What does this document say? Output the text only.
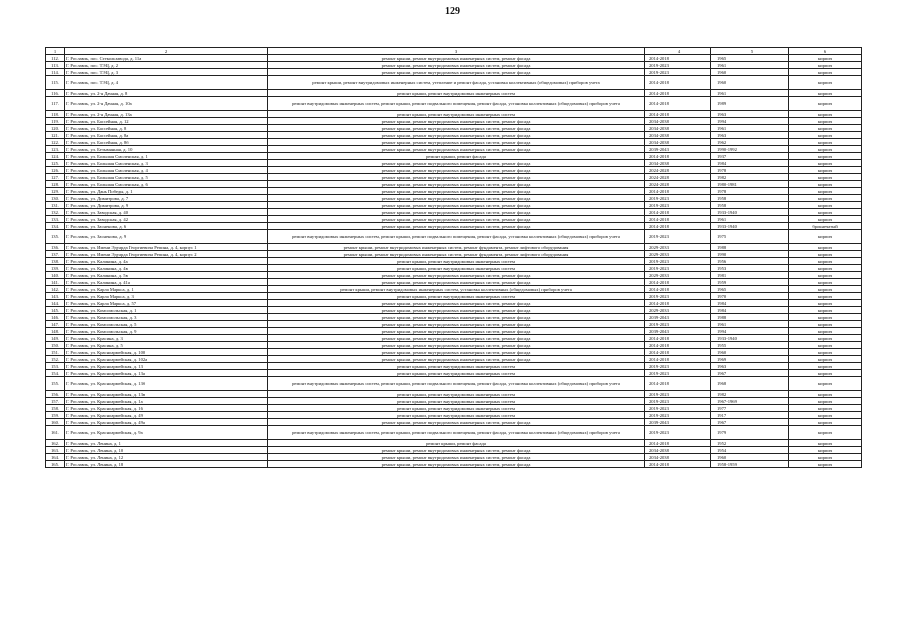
129
1	2	3	4	5	6
112.	Г. Рославль, пос. Стекользавода, д. 11а	ремонт крыши, ремонт внутридомовых инженерных систем, ремонт фасада	2014-2018	1965	кирпич
113.	Г. Рославль, пос. ТЭЦ, д. 2	ремонт крыши, ремонт внутридомовых инженерных систем, ремонт фасада	2019-2023	1961	кирпич
114.	Г. Рославль, пос. ТЭЦ, д. 3	ремонт крыши, ремонт внутридомовых инженерных систем, ремонт фасада	2019-2023	1960	кирпич
115.	Г. Рославль, пос. ТЭЦ, д. 4	ремонт крыши, ремонт внутридомовых инженерных систем, утепление и ремонт фасада, установка коллективных (общедомовых) приборов учета	2014-2018	1960	кирпич
116.	Г. Рославль, ул. 2-я Дачная, д. 8	ремонт крыши, ремонт внутридомовых инженерных систем	2014-2018	1961	кирпич
117.	Г. Рославль, ул. 2-я Дачная, д. 10а	ремонт внутридомовых инженерных систем, ремонт крыши, ремонт подвального помещения, ремонт фасада, установка коллективных (общедомовых) приборов учета	2014-2018	1989	кирпич
118.	Г. Рославль, ул. 2-я Дачная, д. 13а	ремонт крыши, ремонт внутридомовых инженерных систем	2014-2018	1963	кирпич
119.	Г. Рославль, ул. Бассейная, д. 12	ремонт крыши, ремонт внутридомовых инженерных систем, ремонт фасада	2034-2038	1994	кирпич
120.	Г. Рославль, ул. Бассейная, д. 8	ремонт крыши, ремонт внутридомовых инженерных систем, ремонт фасада	2034-2038	1961	кирпич
121.	Г. Рославль, ул. Бассейная, д. 8а	ремонт крыши, ремонт внутридомовых инженерных систем, ремонт фасада	2034-2038	1963	кирпич
122.	Г. Рославль, ул. Бассейная, д. 8б	ремонт крыши, ремонт внутридомовых инженерных систем, ремонт фасада	2034-2038	1962	кирпич
123.	Г. Рославль, ул. Безымянная, д. 10	ремонт крыши, ремонт внутридомовых инженерных систем, ремонт фасада	2039-2043	1990-1992	кирпич
124.	Г. Рославль, ул. Большая Смоленская, д. 1	ремонт крыши, ремонт фасада	2014-2018	1937	кирпич
125.	Г. Рославль, ул. Большая Смоленская, д. 3	ремонт крыши, ремонт внутридомовых инженерных систем, ремонт фасада	2034-2038	1984	кирпич
126.	Г. Рославль, ул. Большая Смоленская, д. 4	ремонт крыши, ремонт внутридомовых инженерных систем, ремонт фасада	2024-2028	1978	кирпич
127.	Г. Рославль, ул. Большая Смоленская, д. 5	ремонт крыши, ремонт внутридомовых инженерных систем, ремонт фасада	2024-2028	1982	кирпич
128.	Г. Рославль, ул. Большая Смоленская, д. 6	ремонт крыши, ремонт внутридомовых инженерных систем, ремонт фасада	2024-2028	1980-1981	кирпич
129.	Г. Рославль, ул. Дань Победы, д. 1	ремонт крыши, ремонт внутридомовых инженерных систем, ремонт фасада	2014-2018	1978	кирпич
130.	Г. Рославль, ул. Димитрова, д. 7	ремонт крыши, ремонт внутридомовых инженерных систем, ремонт фасада	2019-2023	1958	кирпич
131.	Г. Рославль, ул. Димитрова, д. 9	ремонт крыши, ремонт внутридомовых инженерных систем, ремонт фасада	2019-2023	1958	кирпич
132.	Г. Рославль, ул. Заводская, д. 40	ремонт крыши, ремонт внутридомовых инженерных систем, ремонт фасада	2014-2018	1933-1940	кирпич
133.	Г. Рославль, ул. Заводская, д. 42	ремонт крыши, ремонт внутридомовых инженерных систем, ремонт фасада	2014-2018	1961	кирпич
134.	Г. Рославль, ул. Засненова, д. 6	ремонт крыши, ремонт внутридомовых инженерных систем, ремонт фасада	2014-2018	1933-1940	брокнечатый
135.	Г. Рославль, ул. Засненова, д. 9	ремонт внутридомовых инженерных систем, ремонт крыши, ремонт подвального помещения, ремонт фасада, установка коллективных (общедомовых) приборов учета	2019-2023	1975	кирпич
136.	Г. Рославль, ул. Имени Эдуарда Георгиевича Репина, д. 4, корпус 1	ремонт крыши, ремонт внутридомовых инженерных систем, ремонт фундамента, ремонт лифтового оборудования	2029-2033	1988	кирпич
137.	Г. Рославль, ул. Имени Эдуарда Георгиевича Репина, д. 4, корпус 2	ремонт крыши, ремонт внутридомовых инженерных систем, ремонт фундамента, ремонт лифтового оборудования	2029-2033	1990	кирпич
138.	Г. Рославль, ул. Калинина, д. 4а	ремонт крыши, ремонт внутридомовых инженерных систем	2019-2023	1956	кирпич
139.	Г. Рославль, ул. Калинина, д. 4в	ремонт крыши, ремонт внутридомовых инженерных систем	2019-2023	1953	кирпич
140.	Г. Рославль, ул. Калинина, д. 5в	ремонт крыши, ремонт внутридомовых инженерных систем, ремонт фасада	2029-2033	1981	кирпич
141.	Г. Рославль, ул. Калинина, д. 41а	ремонт крыши, ремонт внутридомовых инженерных систем, ремонт фасада	2014-2018	1959	кирпич
142.	Г. Рославль, ул. Карла Маркса, д. 1	ремонт крыши, ремонт внутридомовых инженерных систем, установка коллективных (общедомовых) приборов учета	2014-2018	1965	кирпич
143.	Г. Рославль, ул. Карла Маркса, д. 3	ремонт крыши, ремонт внутридомовых инженерных систем	2019-2023	1970	кирпич
144.	Г. Рославль, ул. Карла Маркса, д. 57	ремонт крыши, ремонт внутридомовых инженерных систем, ремонт фасада	2014-2018	1984	кирпич
145.	Г. Рославль, ул. Комсомольская, д. 1	ремонт крыши, ремонт внутридомовых инженерных систем, ремонт фасада	2029-2033	1984	кирпич
146.	Г. Рославль, ул. Комсомольская, д. 3	ремонт крыши, ремонт внутридомовых инженерных систем, ремонт фасада	2039-2043	1988	кирпич
147.	Г. Рославль, ул. Комсомольская, д. 5	ремонт крыши, ремонт внутридомовых инженерных систем, ремонт фасада	2019-2023	1961	кирпич
148.	Г. Рославль, ул. Комсомольская, д. 9	ремонт крыши, ремонт внутридомовых инженерных систем, ремонт фасада	2039-2043	1994	кирпич
149.	Г. Рославль, ул. Красина, д. 3	ремонт крыши, ремонт внутридомовых инженерных систем, ремонт фасада	2014-2018	1933-1940	кирпич
150.	Г. Рославль, ул. Красина, д. 5	ремонт крыши, ремонт внутридомовых инженерных систем, ремонт фасада	2014-2018	1955	кирпич
151.	Г. Рославль, ул. Красноармейская, д. 100	ремонт крыши, ремонт внутридомовых инженерных систем, ремонт фасада	2014-2018	1960	кирпич
152.	Г. Рославль, ул. Красноармейская, д. 102а	ремонт крыши, ремонт внутридомовых инженерных систем, ремонт фасада	2014-2018	1969	кирпич
153.	Г. Рославль, ул. Красноармейская, д. 13	ремонт крыши, ремонт внутридомовых инженерных систем	2019-2023	1963	кирпич
154.	Г. Рославль, ул. Красноармейская, д. 13а	ремонт крыши, ремонт внутридомовых инженерных систем	2019-2023	1967	кирпич
155.	Г. Рославль, ул. Красноармейская, д. 13б	ремонт внутридомовых инженерных систем, ремонт крыши, ремонт подвального помещения, ремонт фасада, установка коллективных (общедомовых) приборов учета	2014-2018	1968	кирпич
156.	Г. Рославль, ул. Красноармейская, д. 13в	ремонт крыши, ремонт внутридомовых инженерных систем	2019-2023	1982	кирпич
157.	Г. Рославль, ул. Красноармейская, д. 1а	ремонт крыши, ремонт внутридомовых инженерных систем	2019-2023	1967-1969	кирпич
158.	Г. Рославль, ул. Красноармейская, д. 16	ремонт крыши, ремонт внутридомовых инженерных систем	2019-2023	1977	кирпич
159.	Г. Рославль, ул. Красноармейская, д. 49	ремонт крыши, ремонт внутридомовых инженерных систем	2019-2023	1917	кирпич
160.	Г. Рославль, ул. Красноармейская, д. 49а	ремонт крыши, ремонт внутридомовых инженерных систем, ремонт фасада	2039-2043	1967	кирпич
161.	Г. Рославль, ул. Красноармейская, д. 9а	ремонт внутридомовых инженерных систем, ремонт крыши, ремонт подвального помещения, ремонт фасада, установка коллективных (общедомовых) приборов учета	2019-2023	1979	кирпич
162.	Г. Рославль, ул. Ленина, д. 1	ремонт крыши, ремонт фасада	2014-2018	1952	кирпич
163.	Г. Рославль, ул. Ленина, д. 10	ремонт крыши, ремонт внутридомовых инженерных систем, ремонт фасада	2034-2038	1954	кирпич
164.	Г. Рославль, ул. Ленина, д. 12	ремонт крыши, ремонт внутридомовых инженерных систем, ремонт фасада	2034-2038	1960	кирпич
165.	Г. Рославль, ул. Ленина, д. 18	ремонт крыши, ремонт внутридомовых инженерных систем, ремонт фасада	2014-2018	1958-1959	кирпич
